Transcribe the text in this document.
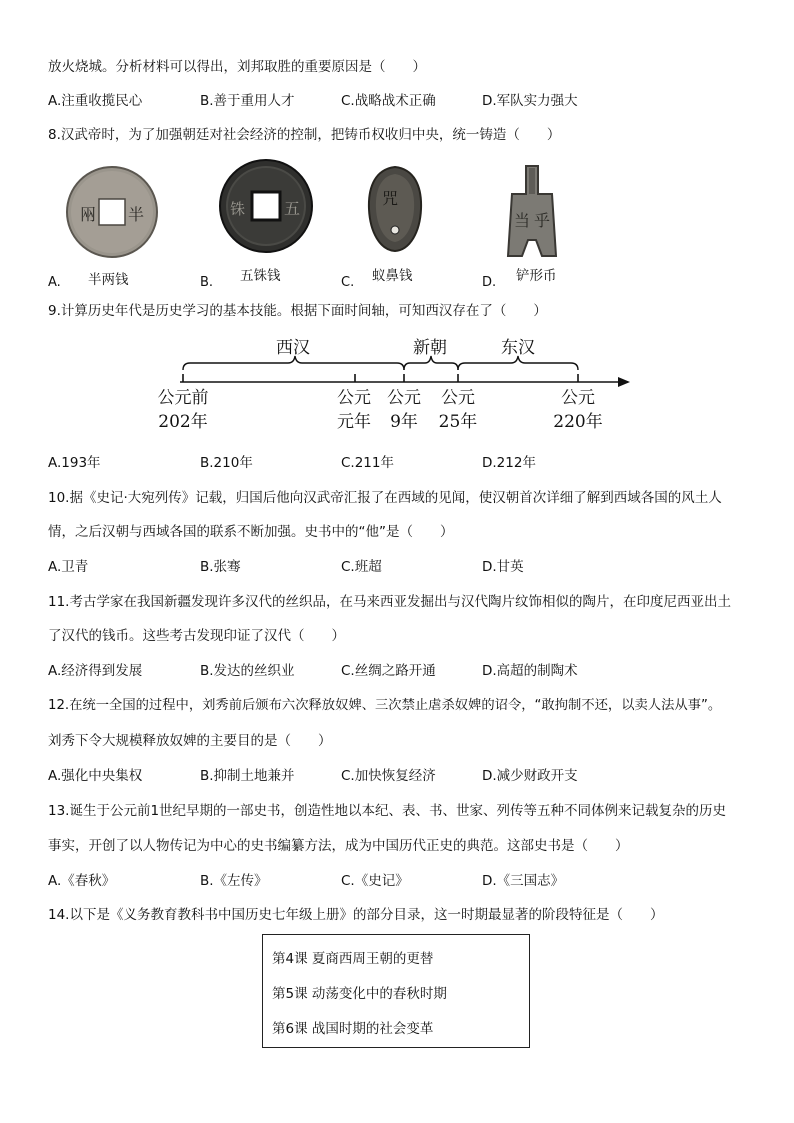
放火烧城。分析材料可以得出，刘邦取胜的重要原因是（　　）
A.注重收揽民心	B.善于重用人才	C.战略战术正确	D.军队实力强大
8.汉武帝时，为了加强朝廷对社会经济的控制，把铸币权收归中央，统一铸造（　　）
A.
㒳 半
半两钱	B.
铢 五
五铢钱	C.
咒
蚁鼻钱	D.
当 乎
铲形币
9.计算历史年代是历史学习的基本技能。根据下面时间轴，可知西汉存在了（　　）
西汉	新朝	东汉
公元前
202年
公元
元年
公元
9年
公元
25年
公元
220年
A.193年	B.210年	C.211年	D.212年
10.据《史记·大宛列传》记载，归国后他向汉武帝汇报了在西域的见闻，使汉朝首次详细了解到西域各国的风土人
情，之后汉朝与西域各国的联系不断加强。史书中的“他”是（　　）
A.卫青	B.张骞	C.班超	D.甘英
11.考古学家在我国新疆发现许多汉代的丝织品，在马来西亚发掘出与汉代陶片纹饰相似的陶片，在印度尼西亚出土
了汉代的钱币。这些考古发现印证了汉代（　　）
A.经济得到发展	B.发达的丝织业	C.丝绸之路开通	D.高超的制陶术
12.在统一全国的过程中，刘秀前后颁布六次释放奴婢、三次禁止虐杀奴婢的诏令，“敢拘制不还，以卖人法从事”。
刘秀下令大规模释放奴婢的主要目的是（　　）
A.强化中央集权	B.抑制土地兼并	C.加快恢复经济	D.减少财政开支
13.诞生于公元前1世纪早期的一部史书，创造性地以本纪、表、书、世家、列传等五种不同体例来记载复杂的历史
事实，开创了以人物传记为中心的史书编纂方法，成为中国历代正史的典范。这部史书是（　　）
A.《春秋》	B.《左传》	C.《史记》	D.《三国志》
14.以下是《义务教育教科书中国历史七年级上册》的部分目录，这一时期最显著的阶段特征是（　　）
第4课 夏商西周王朝的更替
第5课 动荡变化中的春秋时期
第6课 战国时期的社会变革
